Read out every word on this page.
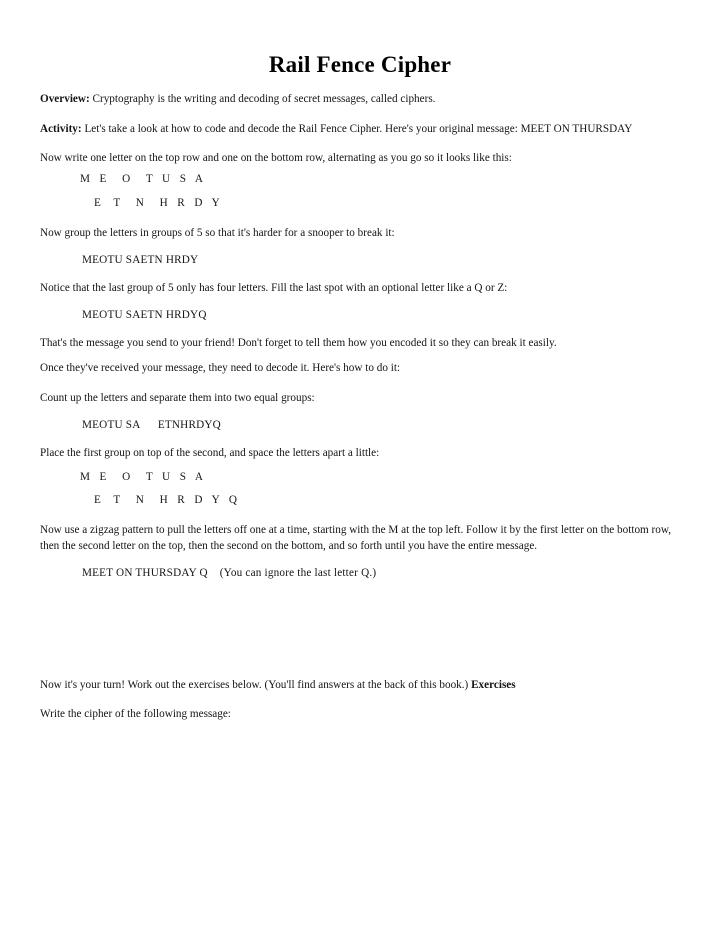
Rail Fence Cipher

Overview: Cryptography is the writing and decoding of secret messages, called ciphers.

Activity: Let's take a look at how to code and decode the Rail Fence Cipher. Here's your original message: MEET ON THURSDAY

Now write one letter on the top row and one on the bottom row, alternating as you go so it looks like this:

M   E     O     T   U   S   A
E    T     N     H   R   D   Y

Now group the letters in groups of 5 so that it's harder for a snooper to break it:

MEOTU SAETN HRDY

Notice that the last group of 5 only has four letters. Fill the last spot with an optional letter like a Q or Z:

MEOTU SAETN HRDYQ

That's the message you send to your friend! Don't forget to tell them how you encoded it so they can break it easily.

Once they've received your message, they need to decode it. Here's how to do it:

Count up the letters and separate them into two equal groups:

MEOTU SA      ETNHRDYQ

Place the first group on top of the second, and space the letters apart a little:

M   E     O     T   U   S   A
E    T     N     H   R   D   Y   Q

Now use a zigzag pattern to pull the letters off one at a time, starting with the M at the top left. Follow it by the first letter on the bottom row, then the second letter on the top, then the second on the bottom, and so forth until you have the entire message.

MEET ON THURSDAY Q    (You can ignore the last letter Q.)

Now it's your turn! Work out the exercises below. (You'll find answers at the back of this book.) Exercises

Write the cipher of the following message:
